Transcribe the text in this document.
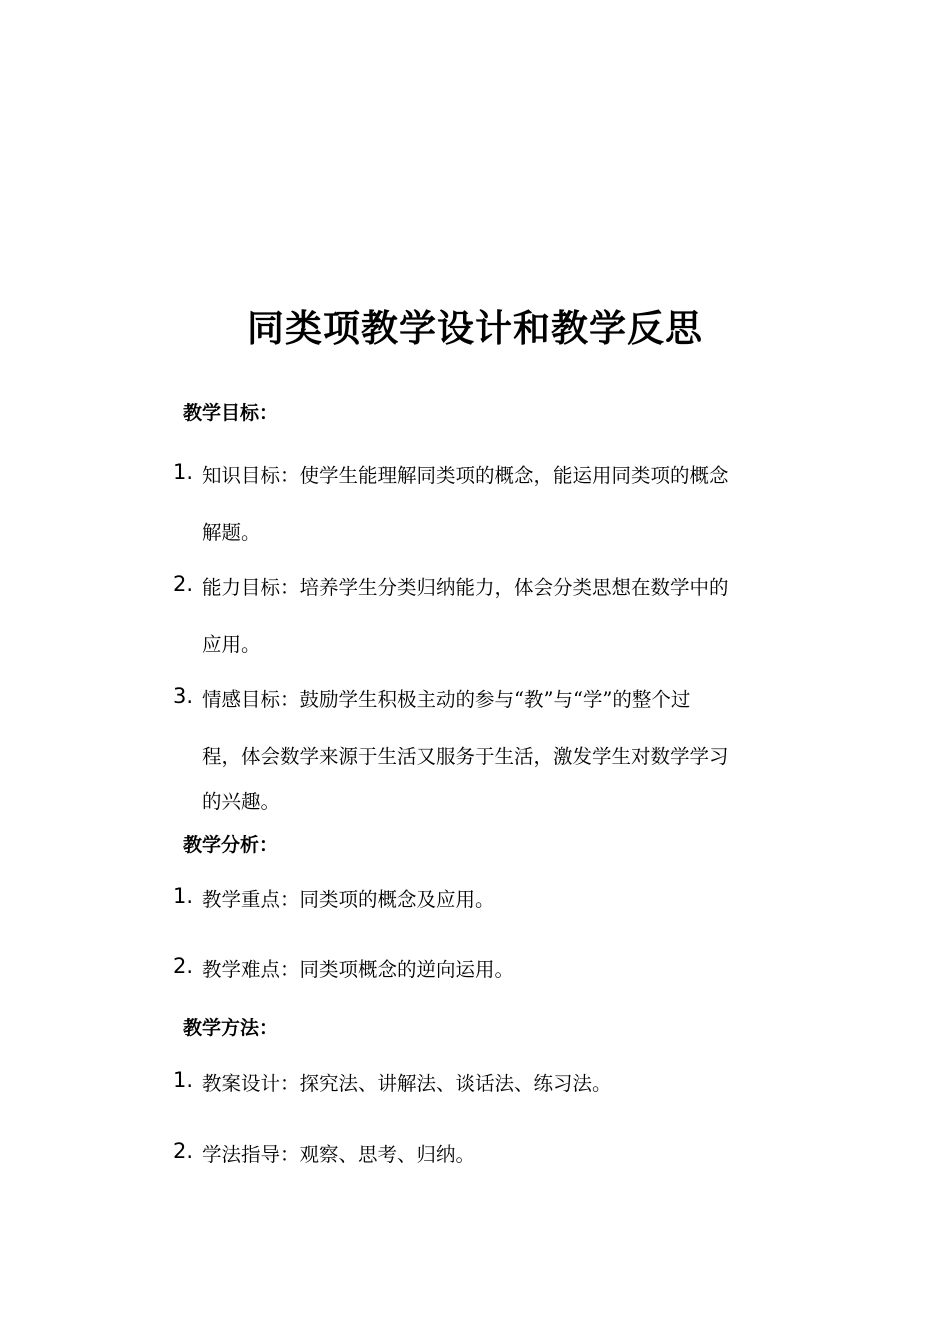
同类项教学设计和教学反思
教学目标：
1. 知识目标：使学生能理解同类项的概念，能运用同类项的概念
解题。
2. 能力目标：培养学生分类归纳能力，体会分类思想在数学中的
应用。
3. 情感目标：鼓励学生积极主动的参与“教”与“学”的整个过
程，体会数学来源于生活又服务于生活，激发学生对数学学习
的兴趣。
教学分析：
1. 教学重点：同类项的概念及应用。
2. 教学难点：同类项概念的逆向运用。
教学方法：
1. 教案设计：探究法、讲解法、谈话法、练习法。
2. 学法指导：观察、思考、归纳。
